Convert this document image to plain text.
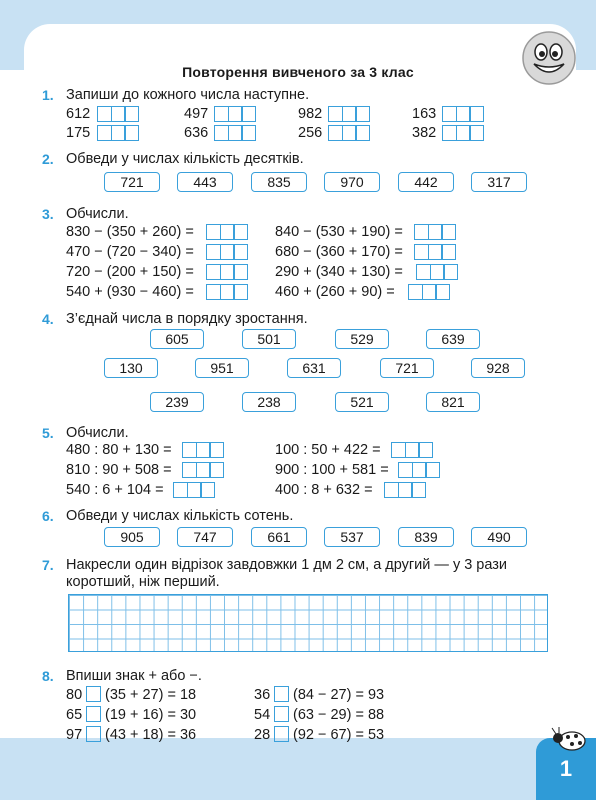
1
Повторення вивченого за 3 клас
1. Запиши до кожного числа наступне.
612	497	982	163
175	636	256	382
2. Обведи у числах кількість десятків.
721	443	835	970	442	317
3. Обчисли.
830 − (350 + 260) =	840 − (530 + 190) =
470 − (720 − 340) =	680 − (360 + 170) =
720 − (200 + 150) =	290 + (340 + 130) =
540 + (930 − 460) =	460 + (260 + 90) =
4. З’єднай числа в порядку зростання.
605	501	529	639
130	951	631	721	928
239	238	521	821
5. Обчисли.
480 : 80 + 130 =	100 : 50 + 422 =
810 : 90 + 508 =	900 : 100 + 581 =
540 : 6 + 104 =	400 : 8 + 632 =
6. Обведи у числах кількість сотень.
905	747	661	537	839	490
7. Накресли один відрізок завдовжки 1 дм 2 см, а другий — у 3 рази
коротший, ніж перший.
8. Впиши знак + або −.
80 (35 + 27) = 18	36 (84 − 27) = 93
65 (19 + 16) = 30	54 (63 − 29) = 88
97 (43 + 18) = 36	28 (92 − 67) = 53
